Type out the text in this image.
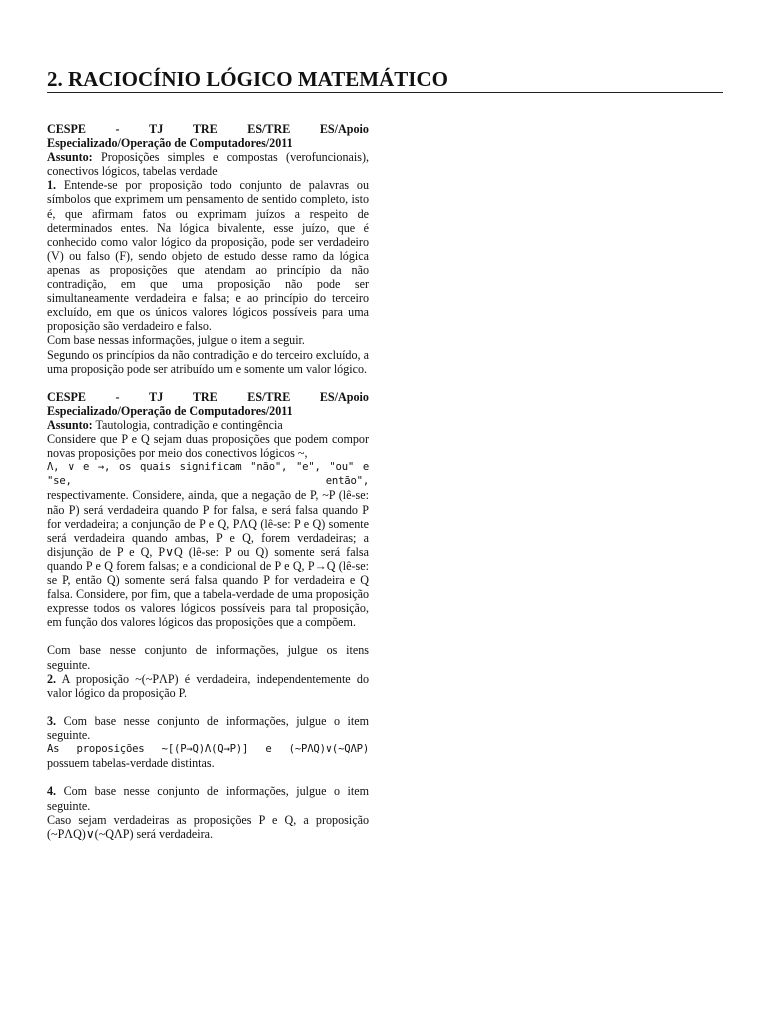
2. RACIOCÍNIO LÓGICO MATEMÁTICO
CESPE - TJ TRE ES/TRE ES/Apoio

Especializado/Operação de Computadores/2011

Assunto: Proposições simples e compostas (verofuncionais), conectivos lógicos, tabelas verdade

1. Entende-se por proposição todo conjunto de palavras ou símbolos que exprimem um pensamento de sentido completo, isto é, que afirmam fatos ou exprimam juízos a respeito de determinados entes. Na lógica bivalente, esse juízo, que é conhecido como valor lógico da proposição, pode ser verdadeiro (V) ou falso (F), sendo objeto de estudo desse ramo da lógica apenas as proposições que atendam ao princípio da não contradição, em que uma proposição não pode ser simultaneamente verdadeira e falsa; e ao princípio do terceiro excluído, em que os únicos valores lógicos possíveis para uma proposição são verdadeiro e falso.

Com base nessas informações, julgue o item a seguir.

Segundo os princípios da não contradição e do terceiro excluído, a uma proposição pode ser atribuído um e somente um valor lógico.

CESPE - TJ TRE ES/TRE ES/Apoio

Especializado/Operação de Computadores/2011

Assunto: Tautologia, contradição e contingência

Considere que P e Q sejam duas proposições que podem compor novas proposições por meio dos conectivos lógicos ~,

Λ, ∨ e →, os quais significam "não", "e", "ou" e "se, então",

respectivamente. Considere, ainda, que a negação de P, ~P (lê-se: não P) será verdadeira quando P for falsa, e será falsa quando P for verdadeira; a conjunção de P e Q, PΛQ (lê-se: P e Q) somente será verdadeira quando ambas, P e Q, forem verdadeiras; a disjunção de P e Q, P∨Q (lê-se: P ou Q) somente será falsa quando P e Q forem falsas; e a condicional de P e Q, P→Q (lê-se: se P, então Q) somente será falsa quando P for verdadeira e Q falsa. Considere, por fim, que a tabela-verdade de uma proposição expresse todos os valores lógicos possíveis para tal proposição, em função dos valores lógicos das proposições que a compõem.

Com base nesse conjunto de informações, julgue os itens seguinte.

2. A proposição ~(~PΛP) é verdadeira, independentemente do valor lógico da proposição P.

3. Com base nesse conjunto de informações, julgue o item seguinte.

As proposições ~[(P→Q)Λ(Q→P)] e (~PΛQ)∨(~QΛP)

possuem tabelas-verdade distintas.

4. Com base nesse conjunto de informações, julgue o item seguinte.

Caso sejam verdadeiras as proposições P e Q, a proposição (~PΛQ)∨(~QΛP) será verdadeira.
